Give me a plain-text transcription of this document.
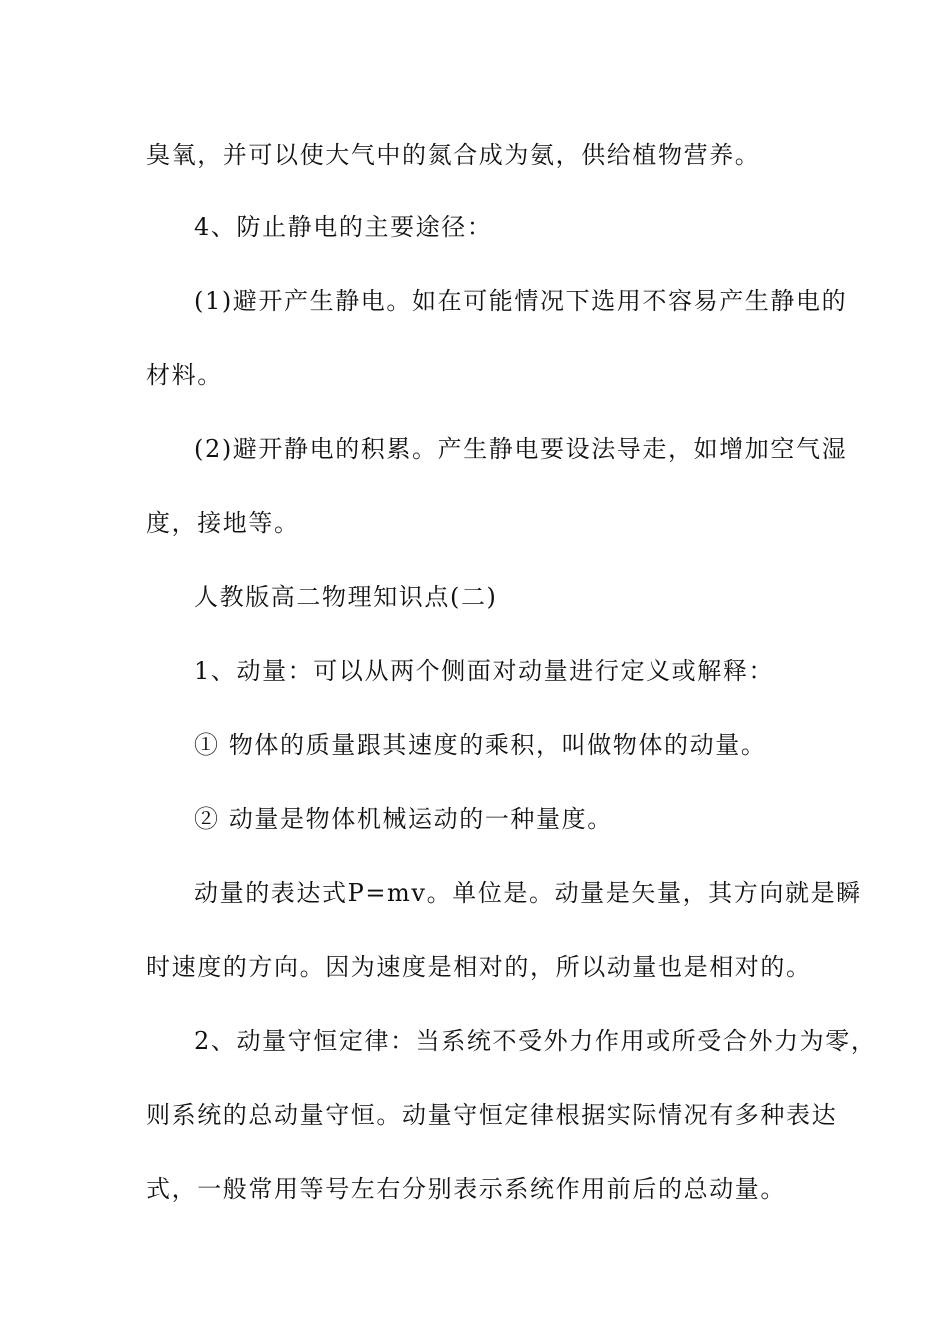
臭氧，并可以使大气中的氮合成为氨，供给植物营养。
4、防止静电的主要途径：
(1)避开产生静电。如在可能情况下选用不容易产生静电的
材料。
(2)避开静电的积累。产生静电要设法导走，如增加空气湿
度，接地等。
人教版高二物理知识点(二)
1、动量：可以从两个侧面对动量进行定义或解释：
① 物体的质量跟其速度的乘积，叫做物体的动量。
② 动量是物体机械运动的一种量度。
动量的表达式P=mv。单位是。动量是矢量，其方向就是瞬
时速度的方向。因为速度是相对的，所以动量也是相对的。
2、动量守恒定律：当系统不受外力作用或所受合外力为零，
则系统的总动量守恒。动量守恒定律根据实际情况有多种表达
式，一般常用等号左右分别表示系统作用前后的总动量。
